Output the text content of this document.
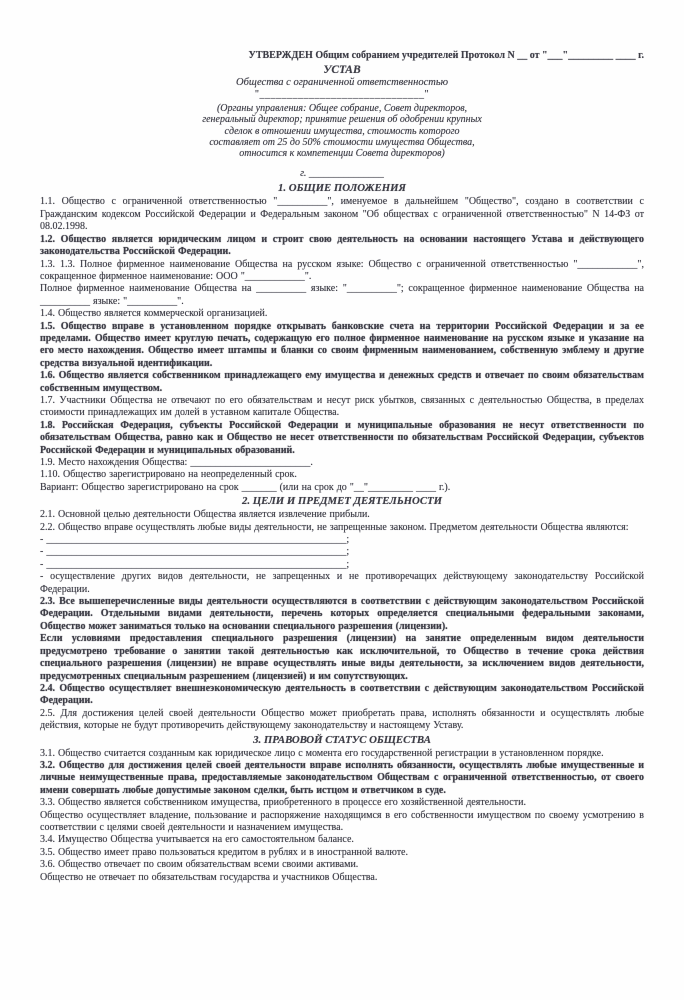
УТВЕРЖДЕН Общим собранием учредителей Протокол N __ от "___"_________ ____ г.
УСТАВ
Общества с ограниченной ответственностью
"______________________________"
(Органы управления: Общее собрание, Совет директоров,
генеральный директор; принятие решения об одобрении крупных
сделок в отношении имущества, стоимость которого
составляет от 25 до 50% стоимости имущества Общества,
относится к компетенции Совета директоров)
г. _______________
1. ОБЩИЕ ПОЛОЖЕНИЯ

1.1. Общество с ограниченной ответственностью "__________", именуемое в дальнейшем "Общество", создано в соответствии с Гражданским кодексом Российской Федерации и Федеральным законом "Об обществах с ограниченной ответственностью" N 14-ФЗ от 08.02.1998.

1.2. Общество является юридическим лицом и строит свою деятельность на основании настоящего Устава и действующего законодательства Российской Федерации.

1.3. 1.3. Полное фирменное наименование Общества на русском языке: Общество с ограниченной ответственностью "____________", сокращенное фирменное наименование: ООО "____________".

Полное фирменное наименование Общества на __________ языке: "__________"; сокращенное фирменное наименование Общества на __________ языке: "__________".

1.4. Общество является коммерческой организацией.

1.5. Общество вправе в установленном порядке открывать банковские счета на территории Российской Федерации и за ее пределами. Общество имеет круглую печать, содержащую его полное фирменное наименование на русском языке и указание на его место нахождения. Общество имеет штампы и бланки со своим фирменным наименованием, собственную эмблему и другие средства визуальной идентификации.

1.6. Общество является собственником принадлежащего ему имущества и денежных средств и отвечает по своим обязательствам собственным имуществом.

1.7. Участники Общества не отвечают по его обязательствам и несут риск убытков, связанных с деятельностью Общества, в пределах стоимости принадлежащих им долей в уставном капитале Общества.

1.8. Российская Федерация, субъекты Российской Федерации и муниципальные образования не несут ответственности по обязательствам Общества, равно как и Общество не несет ответственности по обязательствам Российской Федерации, субъектов Российской Федерации и муниципальных образований.

1.9. Место нахождения Общества: ________________________.

1.10. Общество зарегистрировано на неопределенный срок.

Вариант: Общество зарегистрировано на срок _______ (или на срок до "__"_________ ____ г.).

2. ЦЕЛИ И ПРЕДМЕТ ДЕЯТЕЛЬНОСТИ

2.1. Основной целью деятельности Общества является извлечение прибыли.

2.2. Общество вправе осуществлять любые виды деятельности, не запрещенные законом. Предметом деятельности Общества являются:

- ____________________________________________________________;

- ____________________________________________________________;

- ____________________________________________________________;

- осуществление других видов деятельности, не запрещенных и не противоречащих действующему законодательству Российской Федерации.

2.3. Все вышеперечисленные виды деятельности осуществляются в соответствии с действующим законодательством Российской Федерации. Отдельными видами деятельности, перечень которых определяется специальными федеральными законами, Общество может заниматься только на основании специального разрешения (лицензии).

Если условиями предоставления специального разрешения (лицензии) на занятие определенным видом деятельности предусмотрено требование о занятии такой деятельностью как исключительной, то Общество в течение срока действия специального разрешения (лицензии) не вправе осуществлять иные виды деятельности, за исключением видов деятельности, предусмотренных специальным разрешением (лицензией) и им сопутствующих.

2.4. Общество осуществляет внешнеэкономическую деятельность в соответствии с действующим законодательством Российской Федерации.

2.5. Для достижения целей своей деятельности Общество может приобретать права, исполнять обязанности и осуществлять любые действия, которые не будут противоречить действующему законодательству и настоящему Уставу.

3. ПРАВОВОЙ СТАТУС ОБЩЕСТВА

3.1. Общество считается созданным как юридическое лицо с момента его государственной регистрации в установленном порядке.

3.2. Общество для достижения целей своей деятельности вправе исполнять обязанности, осуществлять любые имущественные и личные неимущественные права, предоставляемые законодательством Обществам с ограниченной ответственностью, от своего имени совершать любые допустимые законом сделки, быть истцом и ответчиком в суде.

3.3. Общество является собственником имущества, приобретенного в процессе его хозяйственной деятельности.

Общество осуществляет владение, пользование и распоряжение находящимся в его собственности имуществом по своему усмотрению в соответствии с целями своей деятельности и назначением имущества.

3.4. Имущество Общества учитывается на его самостоятельном балансе.

3.5. Общество имеет право пользоваться кредитом в рублях и в иностранной валюте.

3.6. Общество отвечает по своим обязательствам всеми своими активами.

Общество не отвечает по обязательствам государства и участников Общества.
